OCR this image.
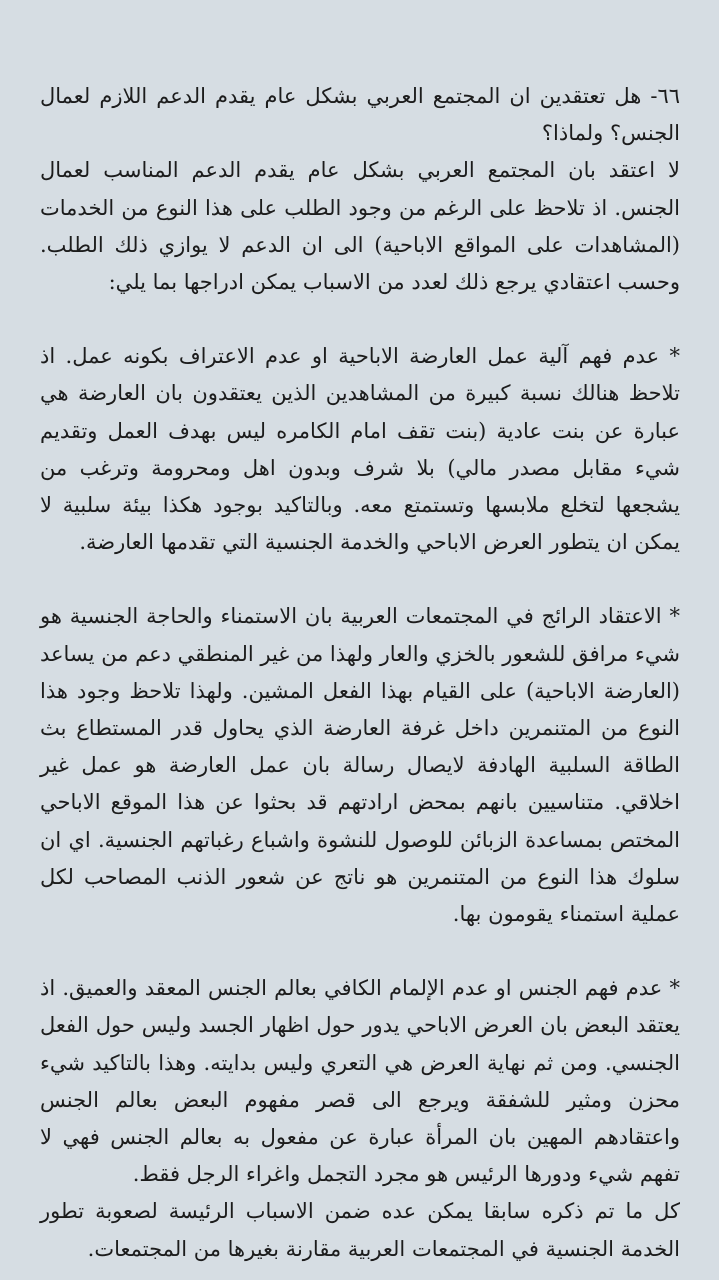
٦٦- هل تعتقدين ان المجتمع العربي بشكل عام يقدم الدعم اللازم لعمال الجنس؟ ولماذا؟

لا اعتقد بان المجتمع العربي بشكل عام يقدم الدعم المناسب لعمال الجنس. اذ تلاحظ على الرغم من وجود الطلب على هذا النوع من الخدمات (المشاهدات على المواقع الاباحية) الى ان الدعم لا يوازي ذلك الطلب. وحسب اعتقادي يرجع ذلك لعدد من الاسباب يمكن ادراجها بما يلي:

* عدم فهم آلية عمل العارضة الاباحية او عدم الاعتراف بكونه عمل. اذ تلاحظ هنالك نسبة كبيرة من المشاهدين الذين يعتقدون بان العارضة هي عبارة عن بنت عادية (بنت تقف امام الكامره ليس بهدف العمل وتقديم شيء مقابل مصدر مالي) بلا شرف وبدون اهل ومحرومة وترغب من يشجعها لتخلع ملابسها وتستمتع معه. وبالتاكيد بوجود هكذا بيئة سلبية لا يمكن ان يتطور العرض الاباحي والخدمة الجنسية التي تقدمها العارضة.

* الاعتقاد الرائج في المجتمعات العربية بان الاستمناء والحاجة الجنسية هو شيء مرافق للشعور بالخزي والعار ولهذا من غير المنطقي دعم من يساعد (العارضة الاباحية) على القيام بهذا الفعل المشين. ولهذا تلاحظ وجود هذا النوع من المتنمرين داخل غرفة العارضة الذي يحاول قدر المستطاع بث الطاقة السلبية الهادفة لايصال رسالة بان عمل العارضة هو عمل غير اخلاقي. متناسيين بانهم بمحض ارادتهم قد بحثوا عن هذا الموقع الاباحي المختص بمساعدة الزبائن للوصول للنشوة واشباع رغباتهم الجنسية. اي ان سلوك هذا النوع من المتنمرين هو ناتج عن شعور الذنب المصاحب لكل عملية استمناء يقومون بها.

* عدم فهم الجنس او عدم الإلمام الكافي بعالم الجنس المعقد والعميق. اذ يعتقد البعض بان العرض الاباحي يدور حول اظهار الجسد وليس حول الفعل الجنسي. ومن ثم نهاية العرض هي التعري وليس بدايته. وهذا بالتاكيد شيء محزن ومثير للشفقة ويرجع الى قصر مفهوم البعض بعالم الجنس واعتقادهم المهين بان المرأة عبارة عن مفعول به بعالم الجنس فهي لا تفهم شيء ودورها الرئيس هو مجرد التجمل واغراء الرجل فقط.

كل ما تم ذكره سابقا يمكن عده ضمن الاسباب الرئيسة لصعوبة تطور الخدمة الجنسية في المجتمعات العربية مقارنة بغيرها من المجتمعات.
